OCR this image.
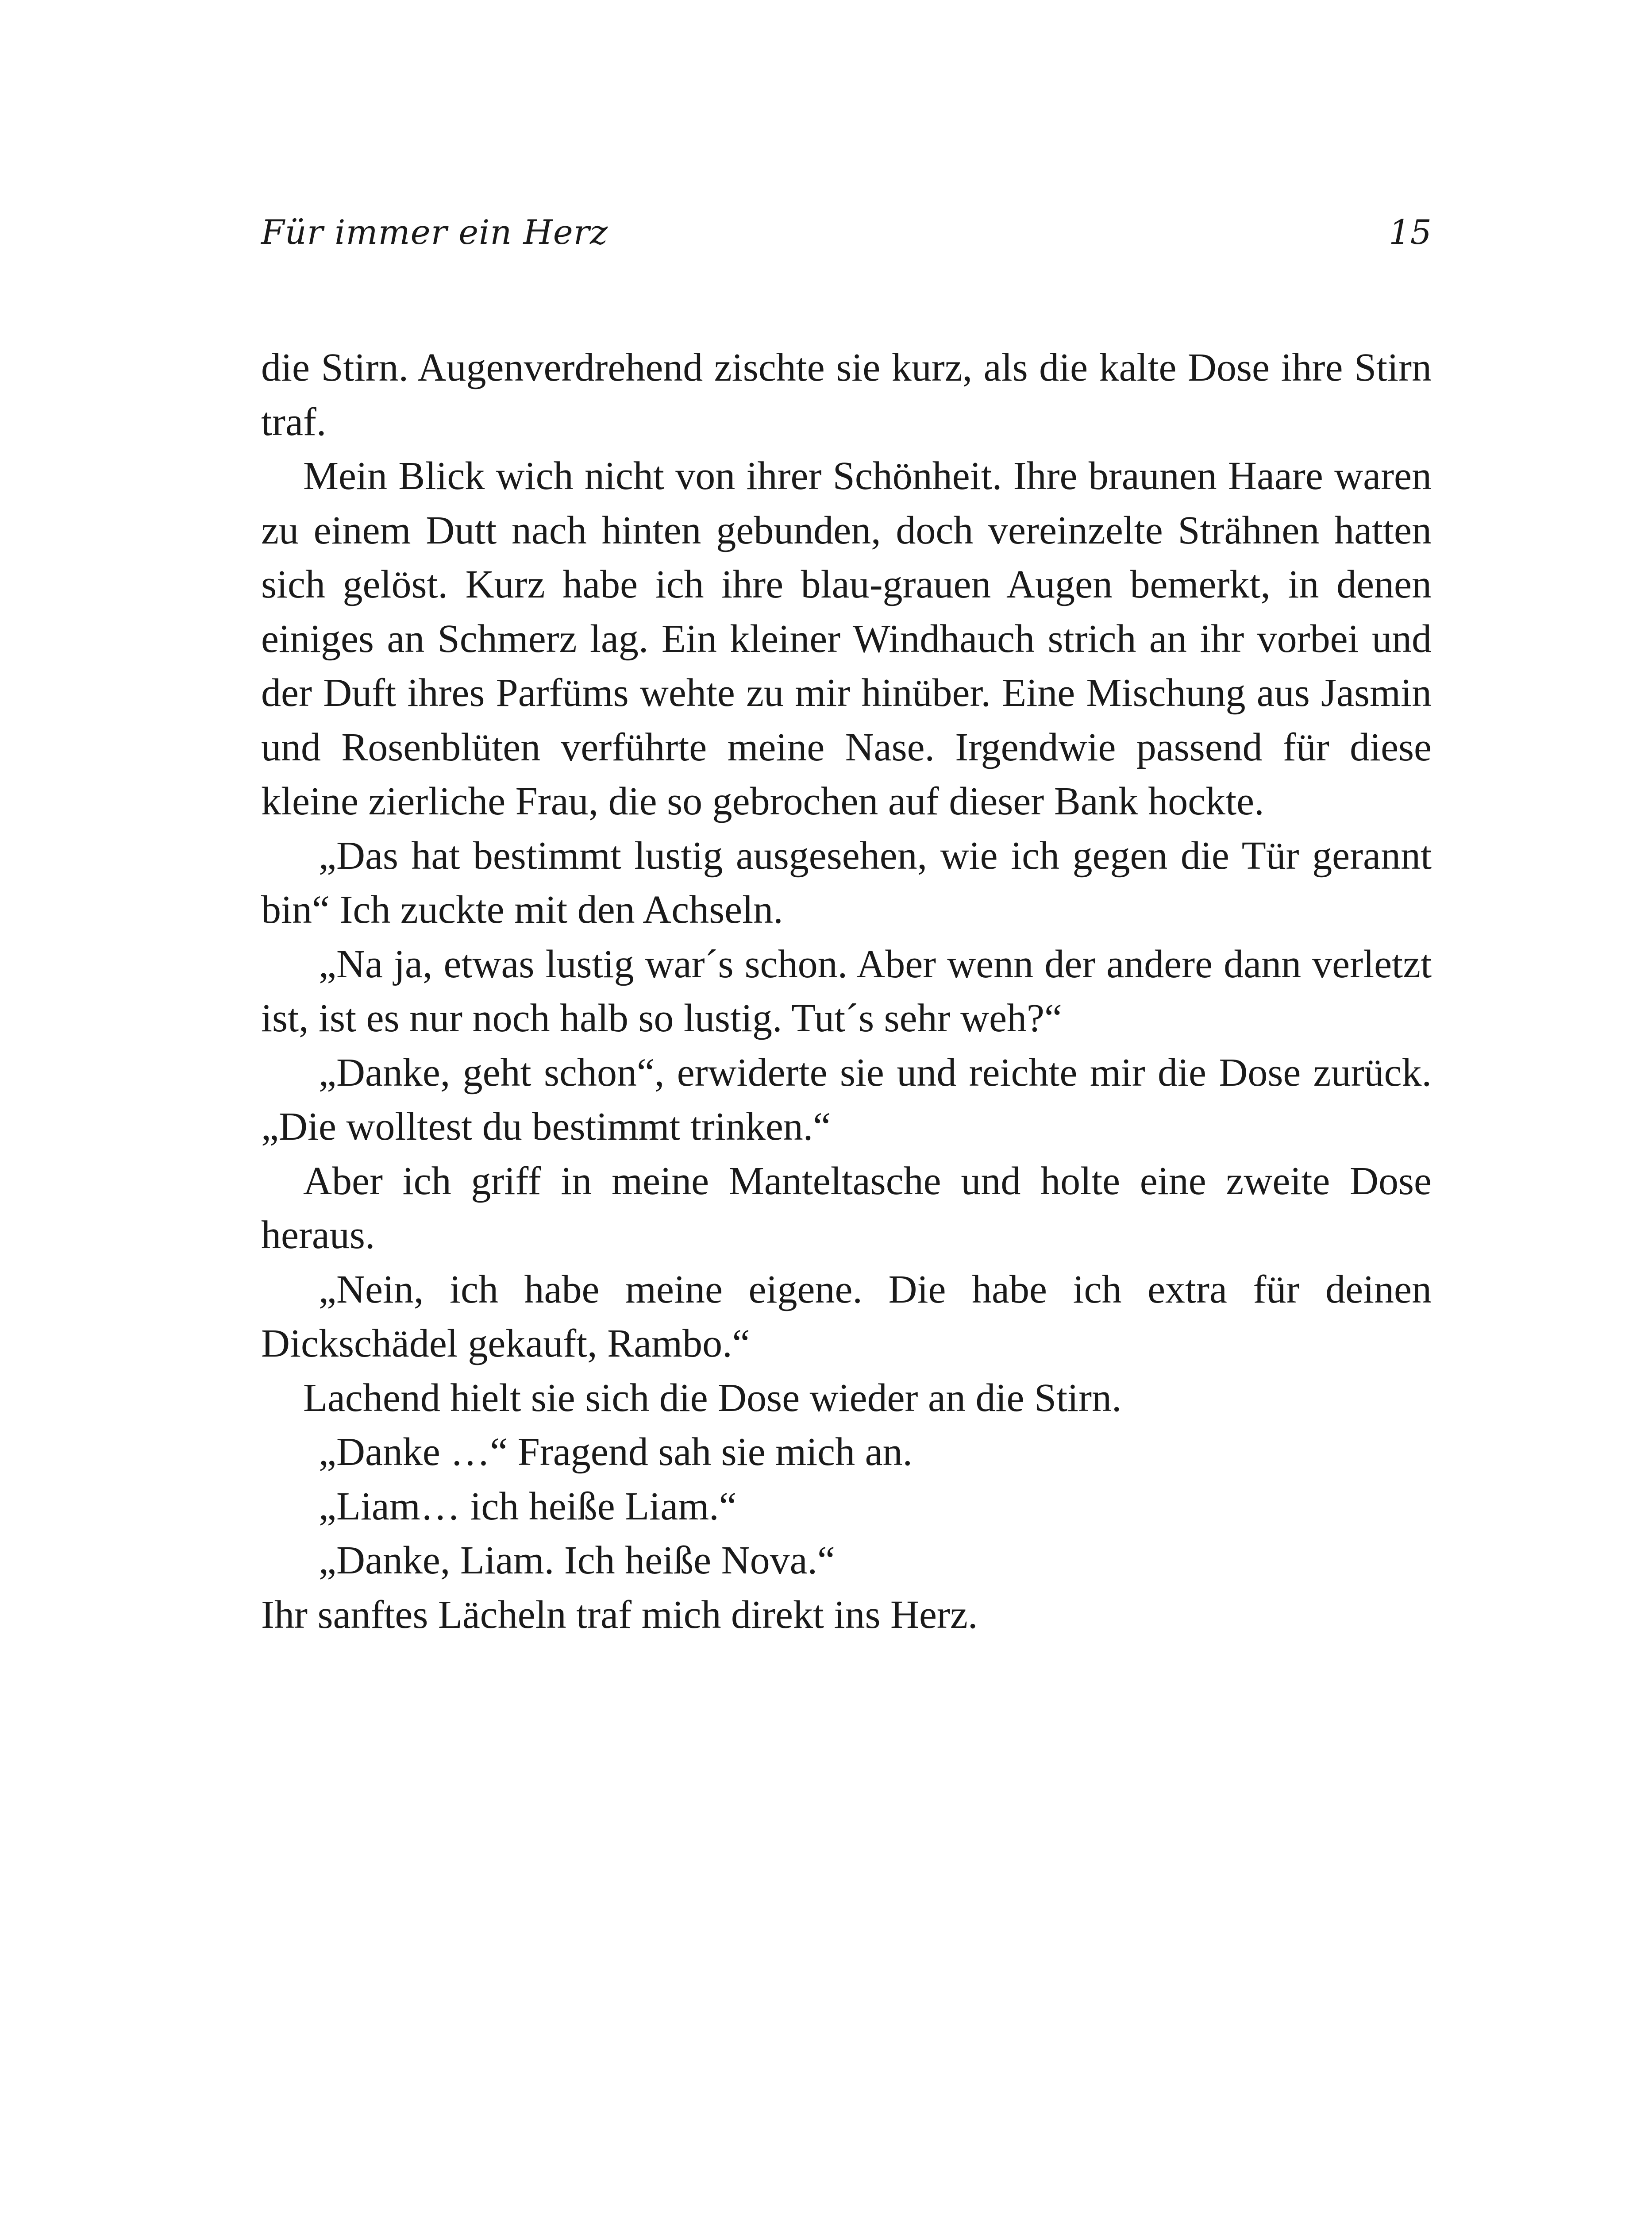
Für immer ein Herz	15

die Stirn. Augenverdrehend zischte sie kurz, als die kalte Dose ihre Stirn traf.

Mein Blick wich nicht von ihrer Schönheit. Ihre braunen Haare waren zu einem Dutt nach hinten gebunden, doch vereinzelte Strähnen hatten sich gelöst. Kurz habe ich ihre blau-grauen Augen bemerkt, in denen einiges an Schmerz lag. Ein kleiner Windhauch strich an ihr vorbei und der Duft ihres Parfüms wehte zu mir hinüber. Eine Mischung aus Jasmin und Rosenblüten verführte meine Nase. Irgendwie passend für diese kleine zierliche Frau, die so gebrochen auf dieser Bank hockte.

„Das hat bestimmt lustig ausgesehen, wie ich gegen die Tür gerannt bin“ Ich zuckte mit den Achseln.

„Na ja, etwas lustig war´s schon. Aber wenn der andere dann verletzt ist, ist es nur noch halb so lustig. Tut´s sehr weh?“

„Danke, geht schon“, erwiderte sie und reichte mir die Dose zurück. „Die wolltest du bestimmt trinken.“

Aber ich griff in meine Manteltasche und holte eine zweite Dose heraus.

„Nein, ich habe meine eigene. Die habe ich extra für deinen Dickschädel gekauft, Rambo.“

Lachend hielt sie sich die Dose wieder an die Stirn.

„Danke …“ Fragend sah sie mich an.

„Liam… ich heiße Liam.“

„Danke, Liam. Ich heiße Nova.“

Ihr sanftes Lächeln traf mich direkt ins Herz.
